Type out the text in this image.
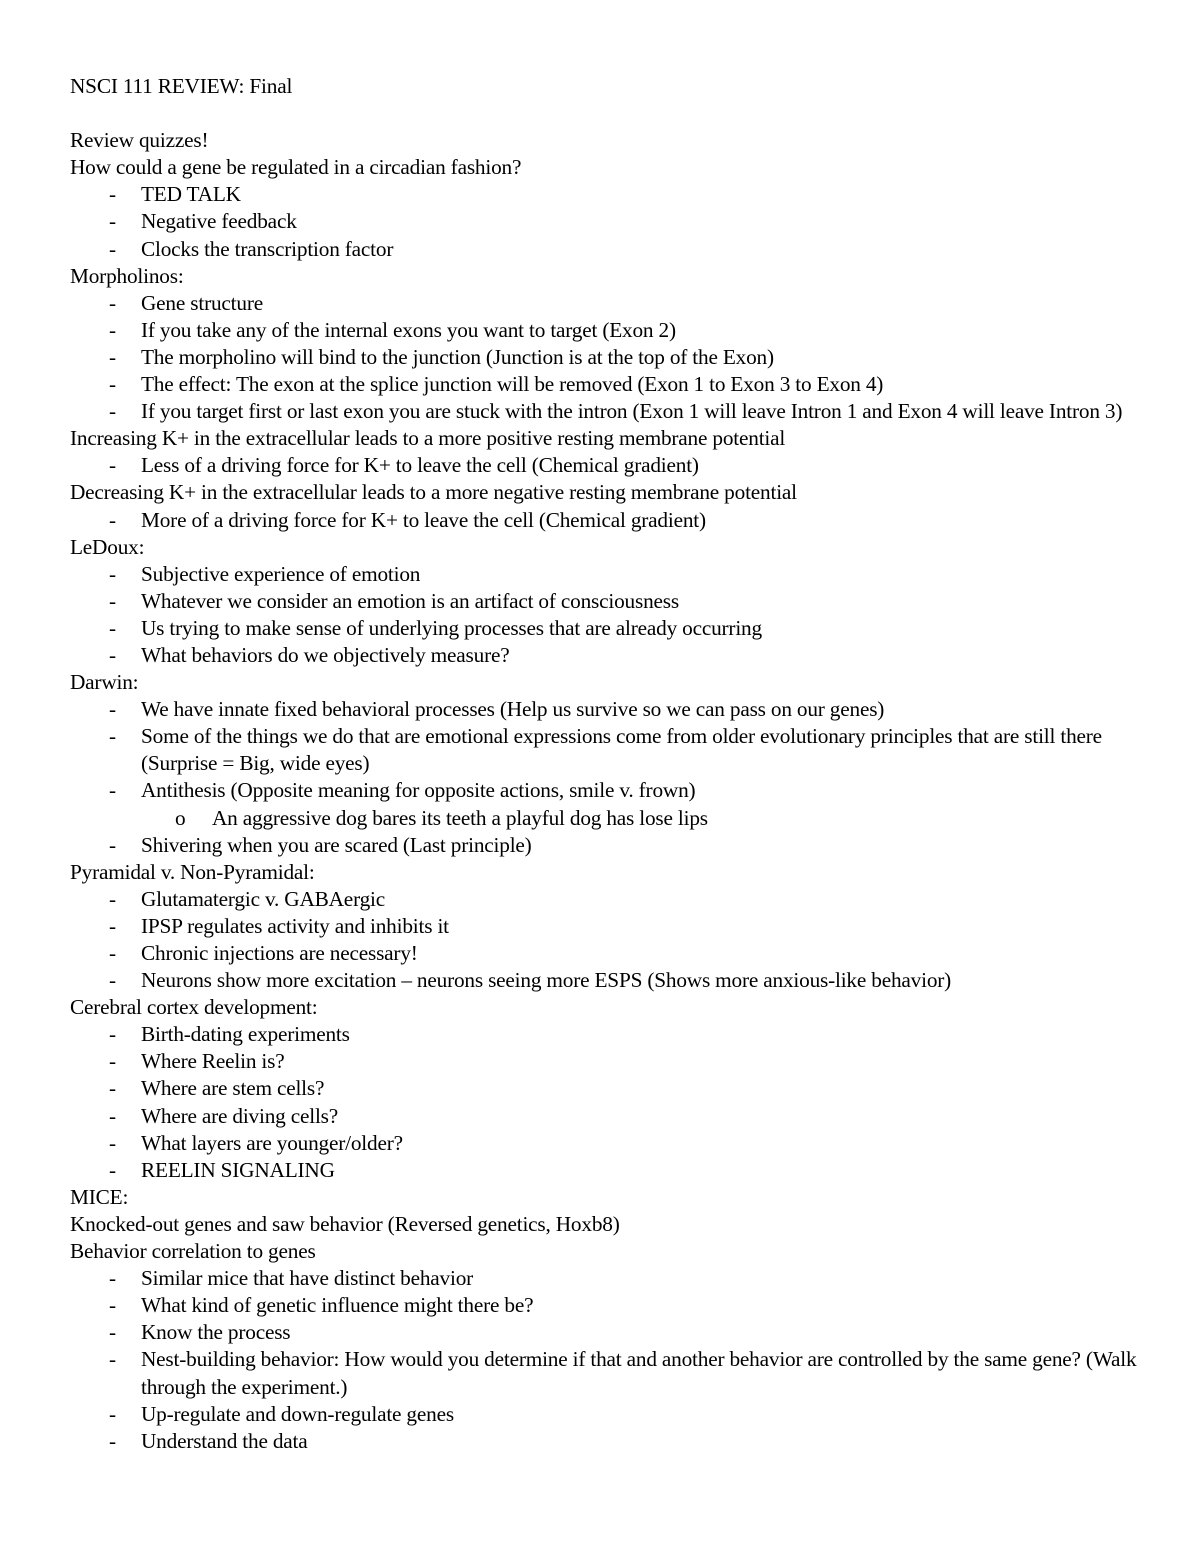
NSCI 111 REVIEW: Final
Review quizzes!
How could a gene be regulated in a circadian fashion?
- TED TALK
- Negative feedback
- Clocks the transcription factor
Morpholinos:
- Gene structure
- If you take any of the internal exons you want to target (Exon 2)
- The morpholino will bind to the junction (Junction is at the top of the Exon)
- The effect: The exon at the splice junction will be removed (Exon 1 to Exon 3 to Exon 4)
- If you target first or last exon you are stuck with the intron (Exon 1 will leave Intron 1 and Exon 4 will leave Intron 3)
Increasing K+ in the extracellular leads to a more positive resting membrane potential
- Less of a driving force for K+ to leave the cell (Chemical gradient)
Decreasing K+ in the extracellular leads to a more negative resting membrane potential
- More of a driving force for K+ to leave the cell (Chemical gradient)
LeDoux:
- Subjective experience of emotion
- Whatever we consider an emotion is an artifact of consciousness
- Us trying to make sense of underlying processes that are already occurring
- What behaviors do we objectively measure?
Darwin:
- We have innate fixed behavioral processes (Help us survive so we can pass on our genes)
- Some of the things we do that are emotional expressions come from older evolutionary principles that are still there (Surprise = Big, wide eyes)
- Antithesis (Opposite meaning for opposite actions, smile v. frown)
o An aggressive dog bares its teeth a playful dog has lose lips
- Shivering when you are scared (Last principle)
Pyramidal v. Non-Pyramidal:
- Glutamatergic v. GABAergic
- IPSP regulates activity and inhibits it
- Chronic injections are necessary!
- Neurons show more excitation – neurons seeing more ESPS (Shows more anxious-like behavior)
Cerebral cortex development:
- Birth-dating experiments
- Where Reelin is?
- Where are stem cells?
- Where are diving cells?
- What layers are younger/older?
- REELIN SIGNALING
MICE:
Knocked-out genes and saw behavior (Reversed genetics, Hoxb8)
Behavior correlation to genes
- Similar mice that have distinct behavior
- What kind of genetic influence might there be?
- Know the process
- Nest-building behavior: How would you determine if that and another behavior are controlled by the same gene? (Walk through the experiment.)
- Up-regulate and down-regulate genes
- Understand the data
